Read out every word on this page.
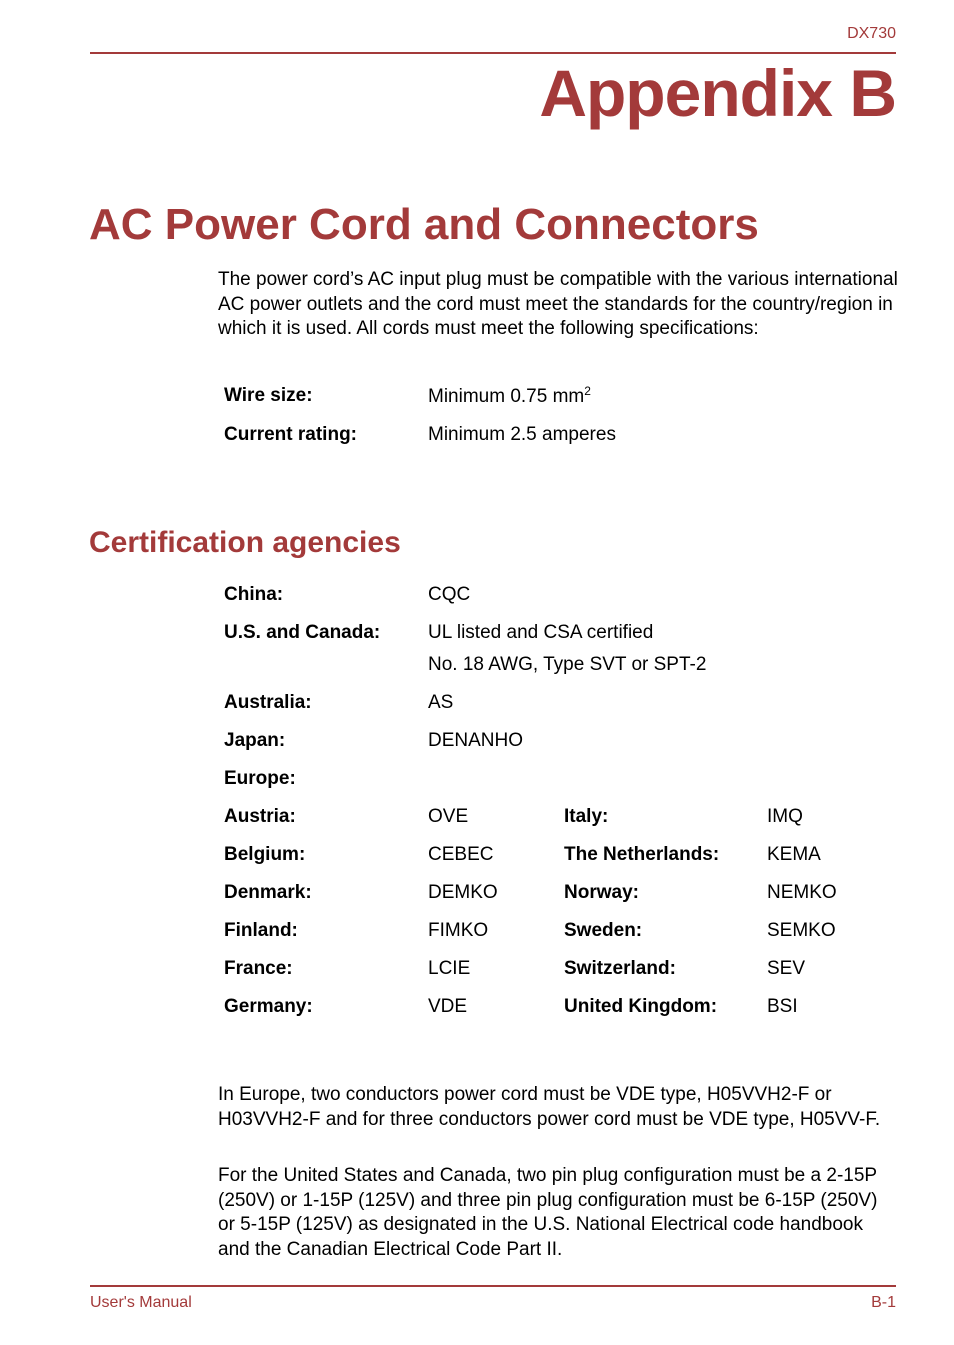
DX730
Appendix B
AC Power Cord and Connectors
The power cord’s AC input plug must be compatible with the various international AC power outlets and the cord must meet the standards for the country/region in which it is used. All cords must meet the following specifications:
Wire size:	Minimum 0.75 $mm^2$
Current rating:	Minimum 2.5 amperes
Certification agencies
China:	CQC
U.S. and Canada:	UL listed and CSA certified
No. 18 AWG, Type SVT or SPT-2
Australia:	AS
Japan:	DENANHO
Europe:
Austria:	OVE	Italy:	IMQ
Belgium:	CEBEC	The Netherlands:	KEMA
Denmark:	DEMKO	Norway:	NEMKO
Finland:	FIMKO	Sweden:	SEMKO
France:	LCIE	Switzerland:	SEV
Germany:	VDE	United Kingdom:	BSI
In Europe, two conductors power cord must be VDE type, H05VVH2-F or H03VVH2-F and for three conductors power cord must be VDE type, H05VV-F.
For the United States and Canada, two pin plug configuration must be a 2-15P (250V) or 1-15P (125V) and three pin plug configuration must be 6-15P (250V) or 5-15P (125V) as designated in the U.S. National Electrical code handbook and the Canadian Electrical Code Part II.
User's Manual	B-1
